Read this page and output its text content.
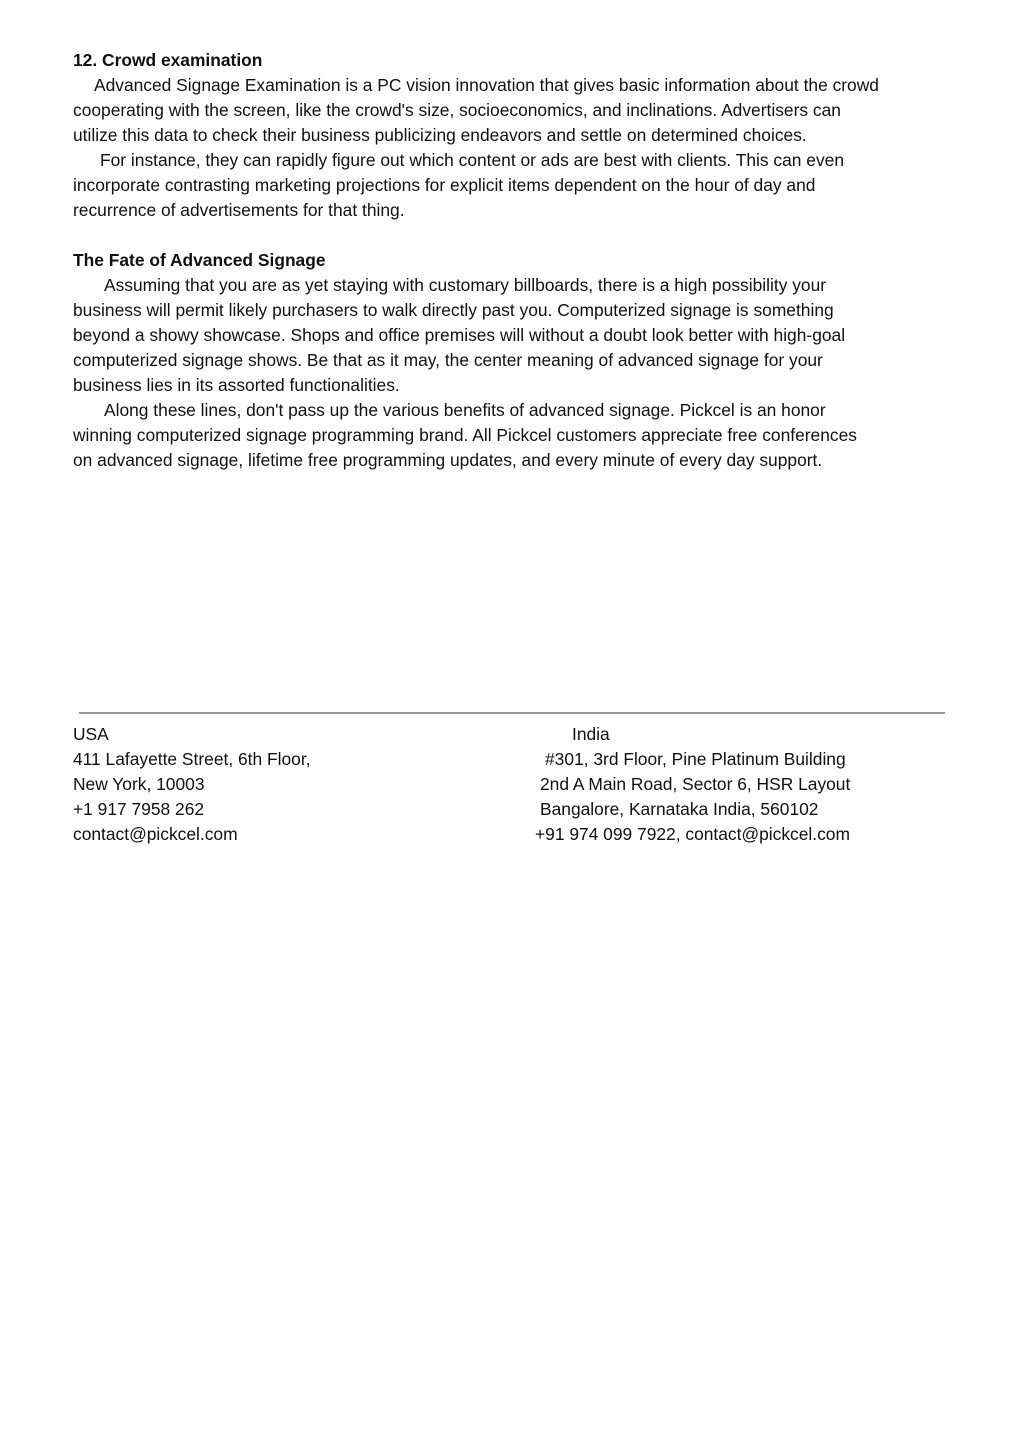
12. Crowd examination

Advanced Signage Examination is a PC vision innovation that gives basic information about the crowd
cooperating with the screen, like the crowd's size, socioeconomics, and inclinations. Advertisers can
utilize this data to check their business publicizing endeavors and settle on determined choices.

For instance, they can rapidly figure out which content or ads are best with clients. This can even
incorporate contrasting marketing projections for explicit items dependent on the hour of day and
recurrence of advertisements for that thing.

The Fate of Advanced Signage

Assuming that you are as yet staying with customary billboards, there is a high possibility your
business will permit likely purchasers to walk directly past you. Computerized signage is something
beyond a showy showcase. Shops and office premises will without a doubt look better with high-goal
computerized signage shows. Be that as it may, the center meaning of advanced signage for your
business lies in its assorted functionalities.

Along these lines, don't pass up the various benefits of advanced signage. Pickcel is an honor
winning computerized signage programming brand. All Pickcel customers appreciate free conferences
on advanced signage, lifetime free programming updates, and every minute of every day support.

USA
411 Lafayette Street, 6th Floor,
New York, 10003
+1 917 7958 262
contact@pickcel.com
India
#301, 3rd Floor, Pine Platinum Building
2nd A Main Road, Sector 6, HSR Layout
Bangalore, Karnataka India, 560102
+91 974 099 7922, contact@pickcel.com
